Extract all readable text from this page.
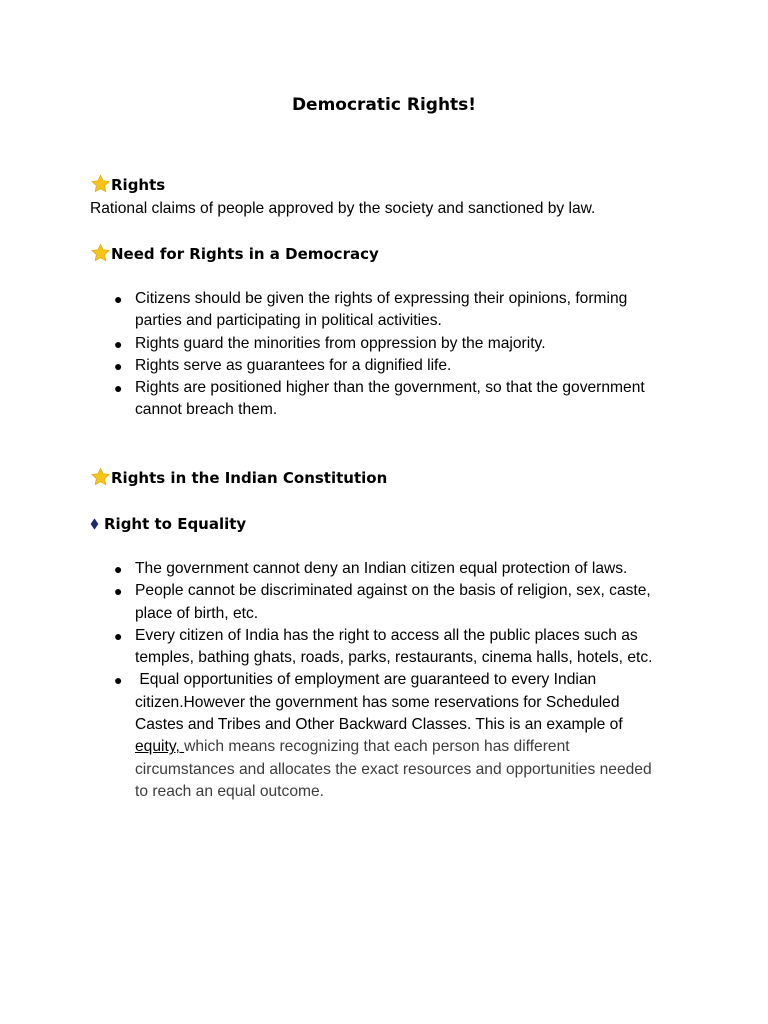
Democratic Rights!
Rights
Rational claims of people approved by the society and sanctioned by law.
Need for Rights in a Democracy
● Citizens should be given the rights of expressing their opinions, forming
parties and participating in political activities.
● Rights guard the minorities from oppression by the majority.
● Rights serve as guarantees for a dignified life.
● Rights are positioned higher than the government, so that the government
cannot breach them.
Rights in the Indian Constitution
Right to Equality
● The government cannot deny an Indian citizen equal protection of laws.
● People cannot be discriminated against on the basis of religion, sex, caste,
place of birth, etc.
● Every citizen of India has the right to access all the public places such as
temples, bathing ghats, roads, parks, restaurants, cinema halls, hotels, etc.
● Equal opportunities of employment are guaranteed to every Indian
citizen.However the government has some reservations for Scheduled
Castes and Tribes and Other Backward Classes. This is an example of
equity, which means recognizing that each person has different
circumstances and allocates the exact resources and opportunities needed
to reach an equal outcome.
